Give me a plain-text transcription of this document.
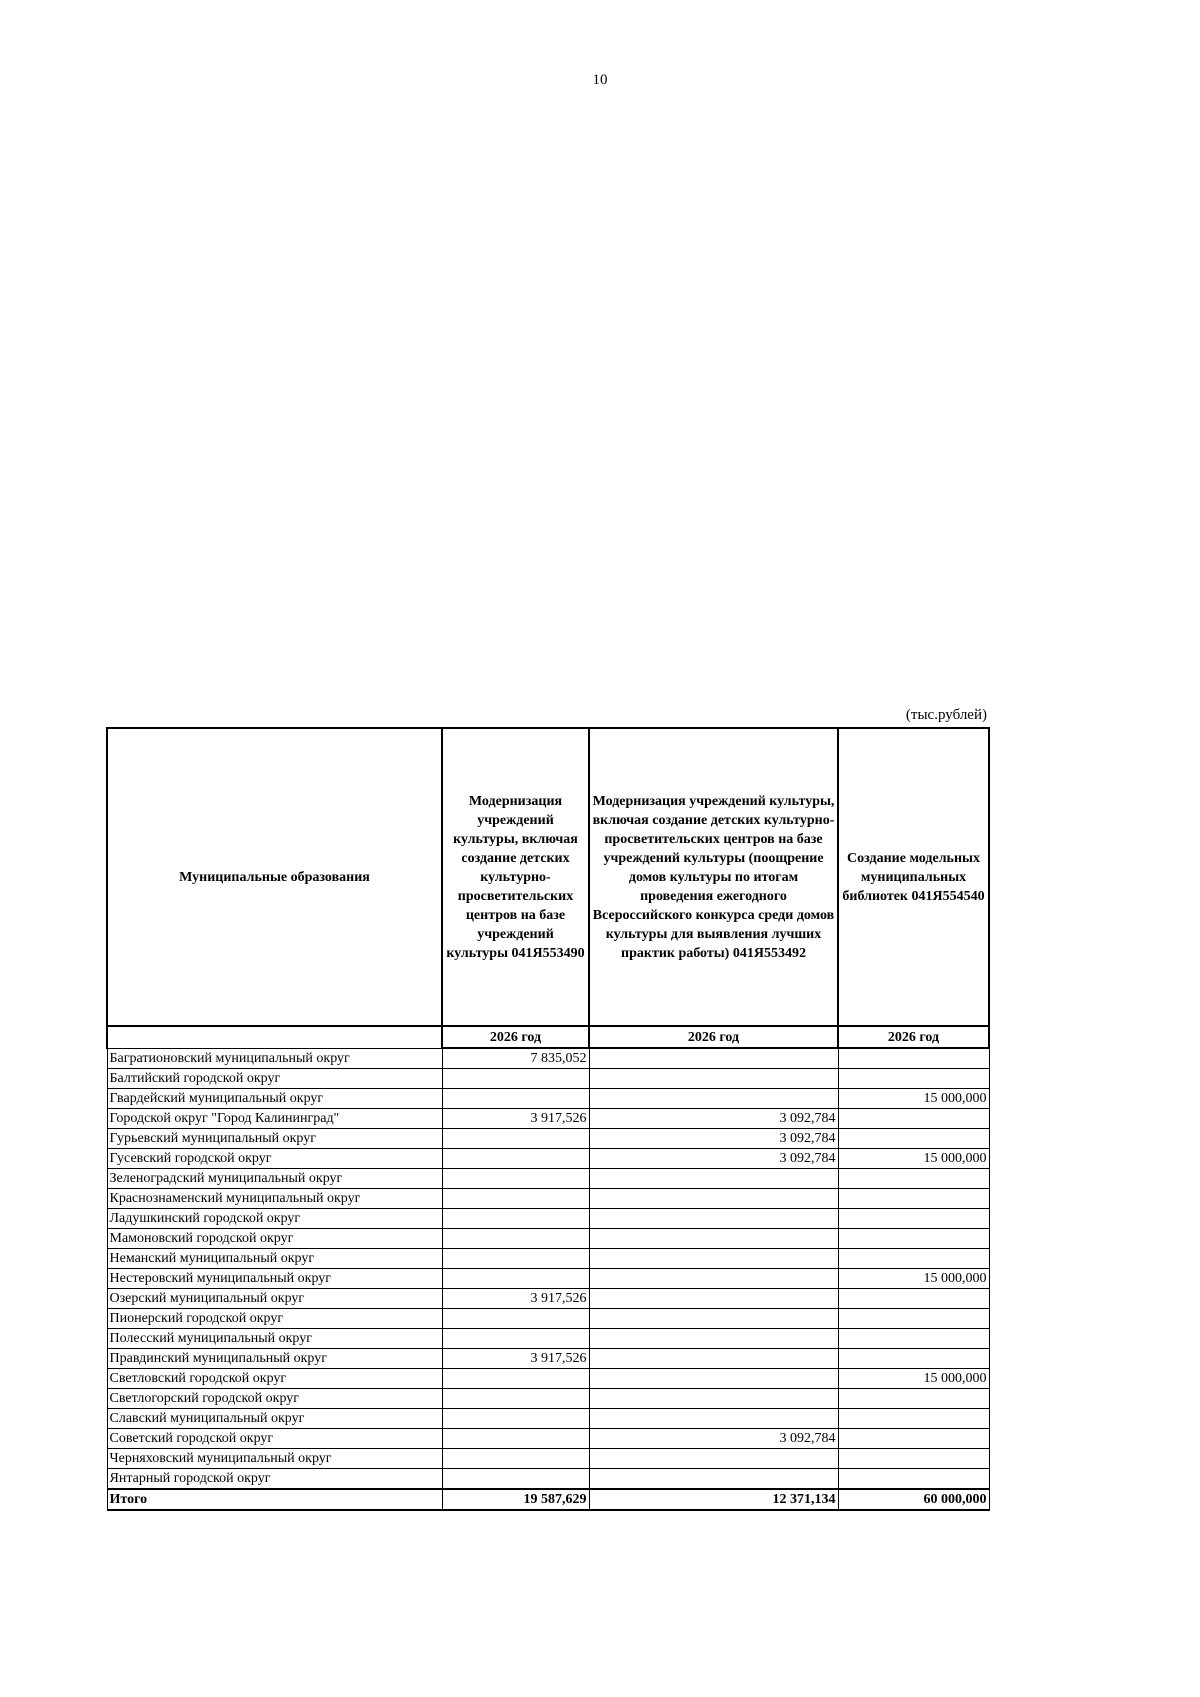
10
(тыс.рублей)
Муниципальные образования	Модернизация учреждений культуры, включая создание детских культурно-просветительских центров на базе учреждений культуры 041Я553490	Модернизация учреждений культуры, включая создание детских культурно-просветительских центров на базе учреждений культуры (поощрение домов культуры по итогам проведения ежегодного Всероссийского конкурса среди домов культуры для выявления лучших практик работы) 041Я553492	Создание модельных муниципальных библиотек 041Я554540
	2026 год	2026 год	2026 год
Багратионовский муниципальный округ	7 835,052		
Балтийский городской округ			
Гвардейский муниципальный округ			15 000,000
Городской округ "Город Калининград"	3 917,526	3 092,784	
Гурьевский муниципальный округ		3 092,784	
Гусевский городской округ		3 092,784	15 000,000
Зеленоградский муниципальный округ			
Краснознаменский муниципальный округ			
Ладушкинский городской округ			
Мамоновский городской округ			
Неманский муниципальный округ			
Нестеровский муниципальный округ			15 000,000
Озерский муниципальный округ	3 917,526		
Пионерский городской округ			
Полесский муниципальный округ			
Правдинский муниципальный округ	3 917,526		
Светловский городской округ			15 000,000
Светлогорский городской округ			
Славский муниципальный округ			
Советский городской округ		3 092,784	
Черняховский муниципальный округ			
Янтарный городской округ			
Итого	19 587,629	12 371,134	60 000,000
